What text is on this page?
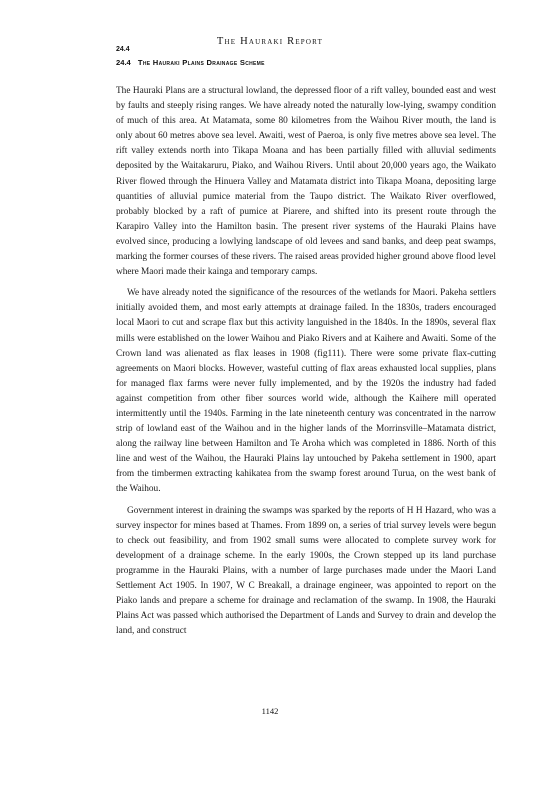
The Hauraki Report
24.4
24.4 The Hauraki Plains Drainage Scheme

The Hauraki Plans are a structural lowland, the depressed floor of a rift valley, bounded east and west by faults and steeply rising ranges. We have already noted the naturally low-lying, swampy condition of much of this area. At Matamata, some 80 kilometres from the Waihou River mouth, the land is only about 60 metres above sea level. Awaiti, west of Paeroa, is only five metres above sea level. The rift valley extends north into Tikapa Moana and has been partially filled with alluvial sediments deposited by the Waitakaruru, Piako, and Waihou Rivers. Until about 20,000 years ago, the Waikato River flowed through the Hinuera Valley and Matamata district into Tikapa Moana, depositing large quantities of alluvial pumice material from the Taupo district. The Waikato River overflowed, probably blocked by a raft of pumice at Piarere, and shifted into its present route through the Karapiro Valley into the Hamilton basin. The present river systems of the Hauraki Plains have evolved since, producing a lowlying landscape of old levees and sand banks, and deep peat swamps, marking the former courses of these rivers. The raised areas provided higher ground above flood level where Maori made their kainga and temporary camps.

We have already noted the significance of the resources of the wetlands for Maori. Pakeha settlers initially avoided them, and most early attempts at drainage failed. In the 1830s, traders encouraged local Maori to cut and scrape flax but this activity languished in the 1840s. In the 1890s, several flax mills were established on the lower Waihou and Piako Rivers and at Kaihere and Awaiti. Some of the Crown land was alienated as flax leases in 1908 (fig111). There were some private flax-cutting agreements on Maori blocks. However, wasteful cutting of flax areas exhausted local supplies, plans for managed flax farms were never fully implemented, and by the 1920s the industry had faded against competition from other fiber sources world wide, although the Kaihere mill operated intermittently until the 1940s. Farming in the late nineteenth century was concentrated in the narrow strip of lowland east of the Waihou and in the higher lands of the Morrinsville–Matamata district, along the railway line between Hamilton and Te Aroha which was completed in 1886. North of this line and west of the Waihou, the Hauraki Plains lay untouched by Pakeha settlement in 1900, apart from the timbermen extracting kahikatea from the swamp forest around Turua, on the west bank of the Waihou.

Government interest in draining the swamps was sparked by the reports of H H Hazard, who was a survey inspector for mines based at Thames. From 1899 on, a series of trial survey levels were begun to check out feasibility, and from 1902 small sums were allocated to complete survey work for development of a drainage scheme. In the early 1900s, the Crown stepped up its land purchase programme in the Hauraki Plains, with a number of large purchases made under the Maori Land Settlement Act 1905. In 1907, W C Breakall, a drainage engineer, was appointed to report on the Piako lands and prepare a scheme for drainage and reclamation of the swamp. In 1908, the Hauraki Plains Act was passed which authorised the Department of Lands and Survey to drain and develop the land, and construct

1142
